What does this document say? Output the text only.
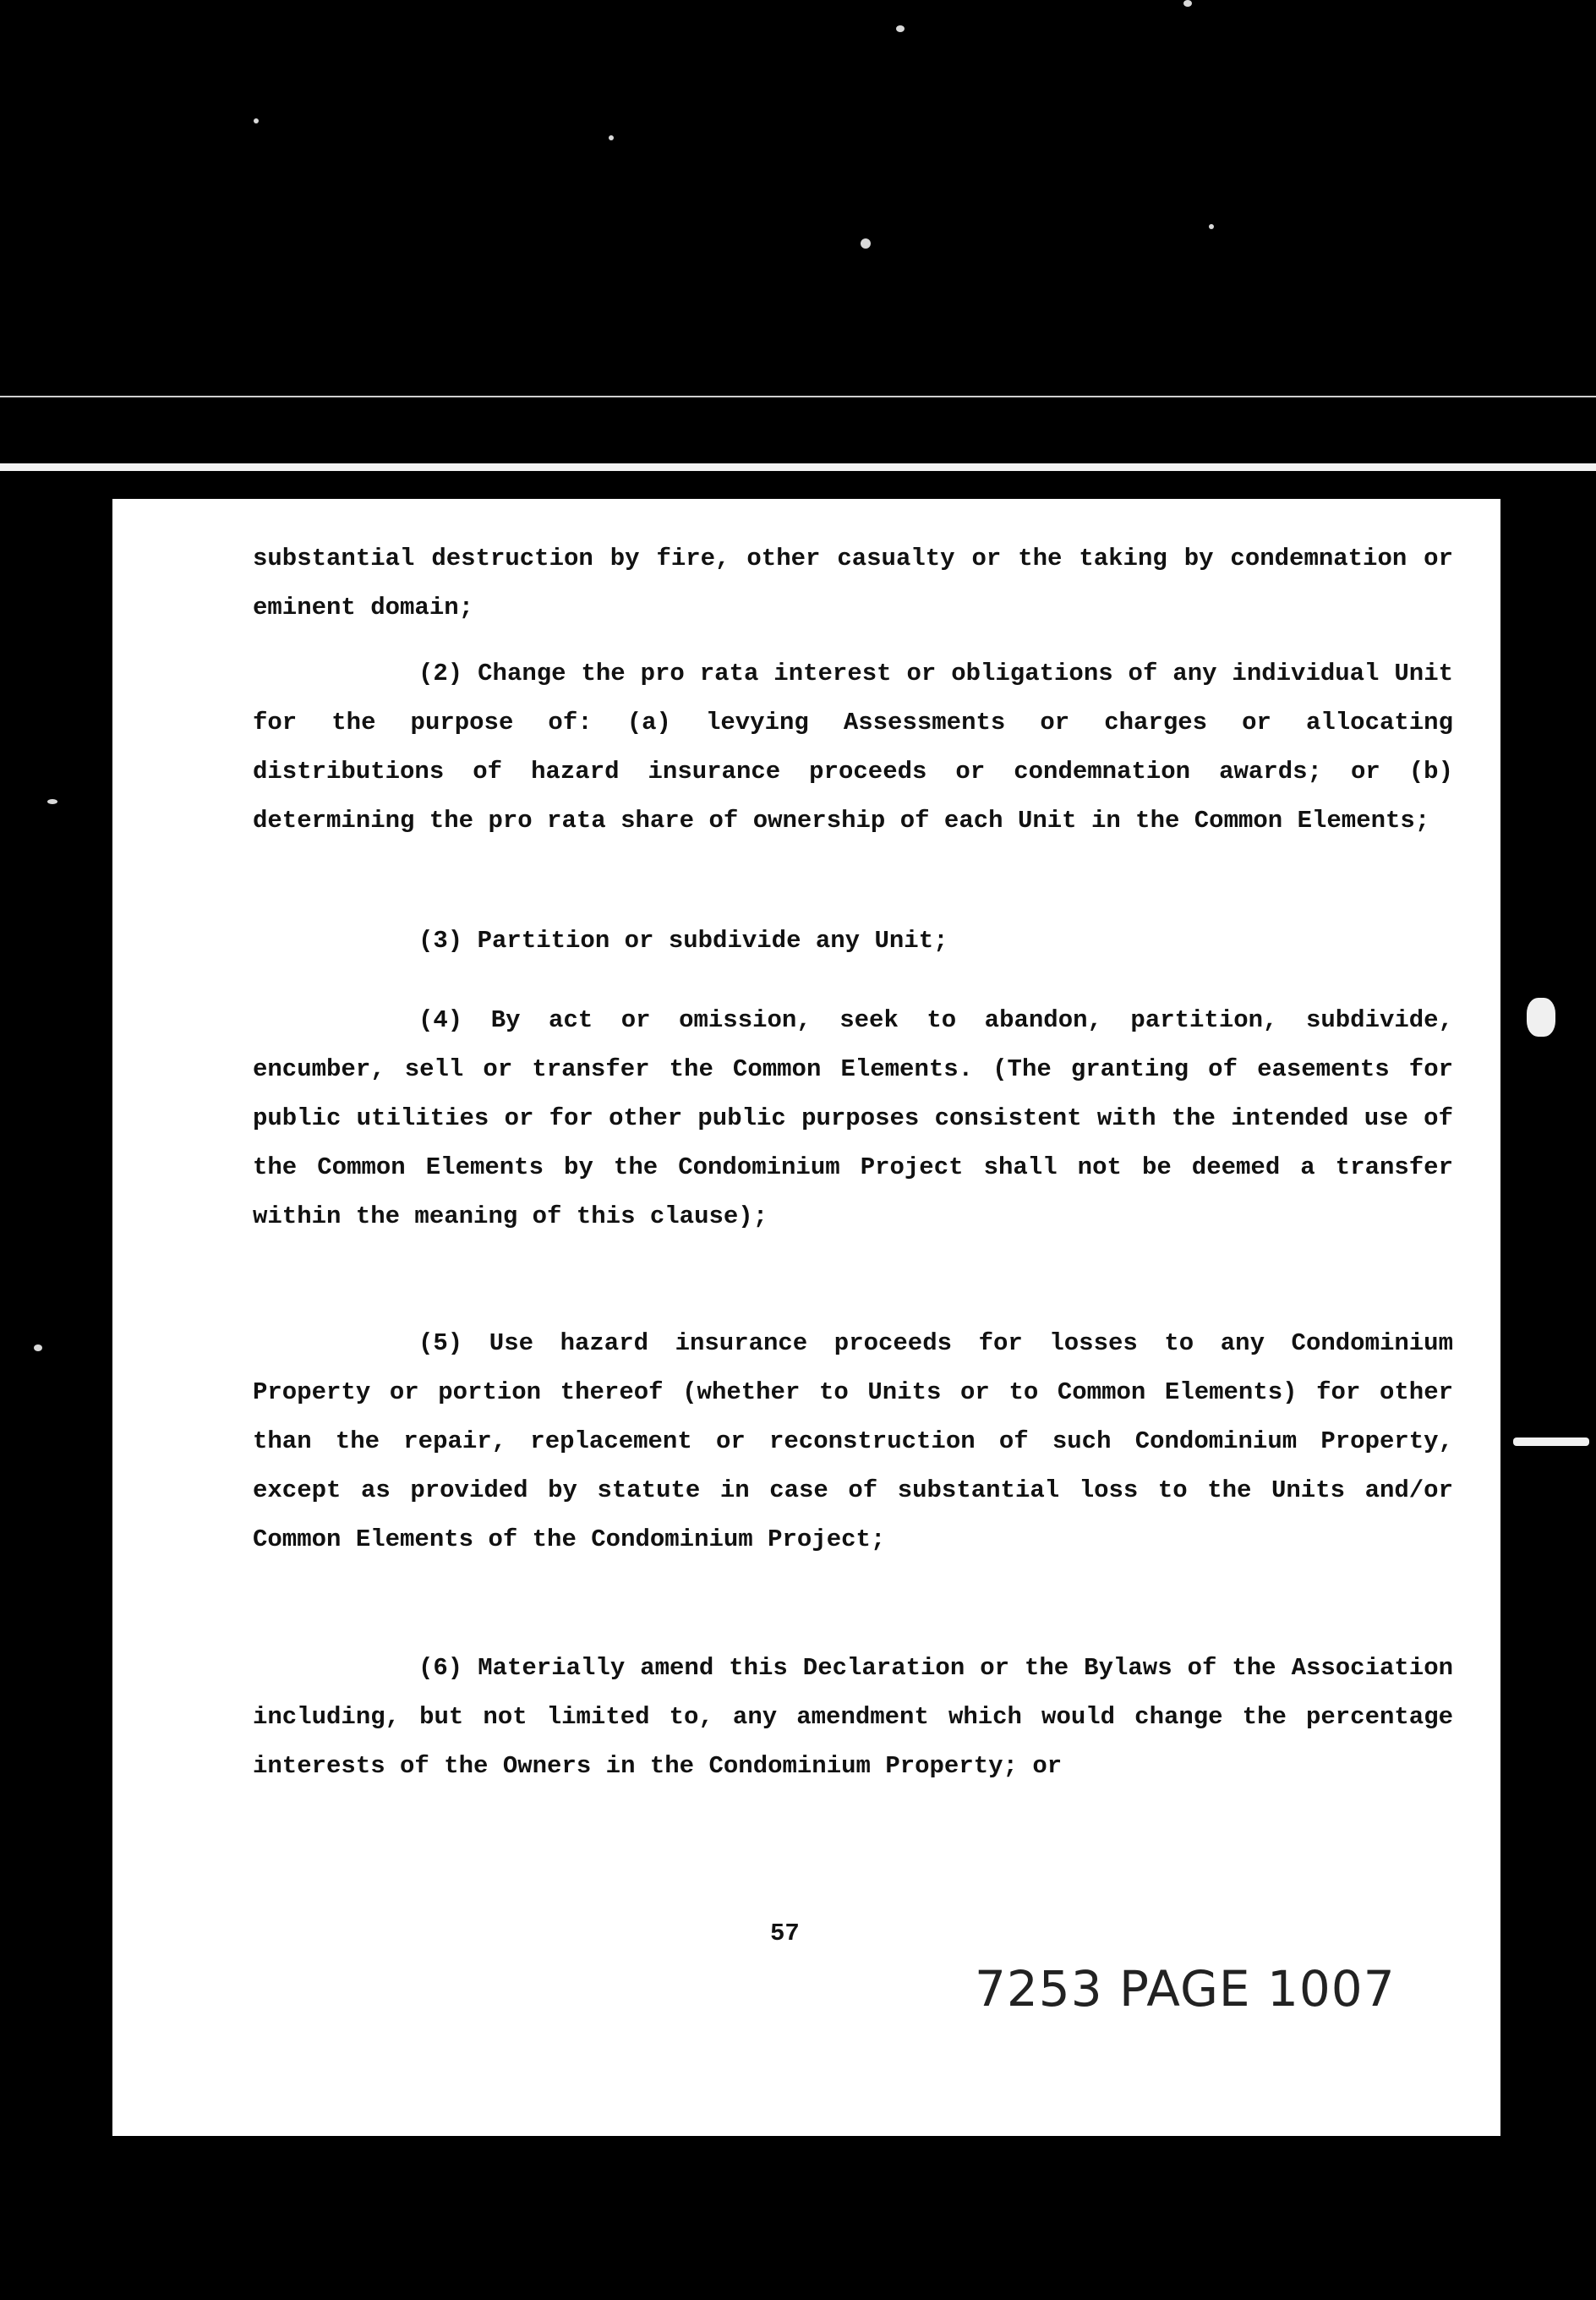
substantial destruction by fire, other casualty or the taking by condemnation or eminent domain;
(2) Change the pro rata interest or obligations of any individual Unit for the purpose of: (a) levying Assessments or charges or allocating distributions of hazard insurance proceeds or condemnation awards; or (b) determining the pro rata share of ownership of each Unit in the Common Elements;
(3) Partition or subdivide any Unit;
(4) By act or omission, seek to abandon, partition, subdivide, encumber, sell or transfer the Common Elements. (The granting of easements for public utilities or for other public purposes consistent with the intended use of the Common Elements by the Condominium Project shall not be deemed a transfer within the meaning of this clause);
(5) Use hazard insurance proceeds for losses to any Condominium Property or portion thereof (whether to Units or to Common Elements) for other than the repair, replacement or reconstruction of such Condominium Property, except as provided by statute in case of substantial loss to the Units and/or Common Elements of the Condominium Project;
(6) Materially amend this Declaration or the Bylaws of the Association including, but not limited to, any amendment which would change the percentage interests of the Owners in the Condominium Property; or
57
7253 PAGE 1007
